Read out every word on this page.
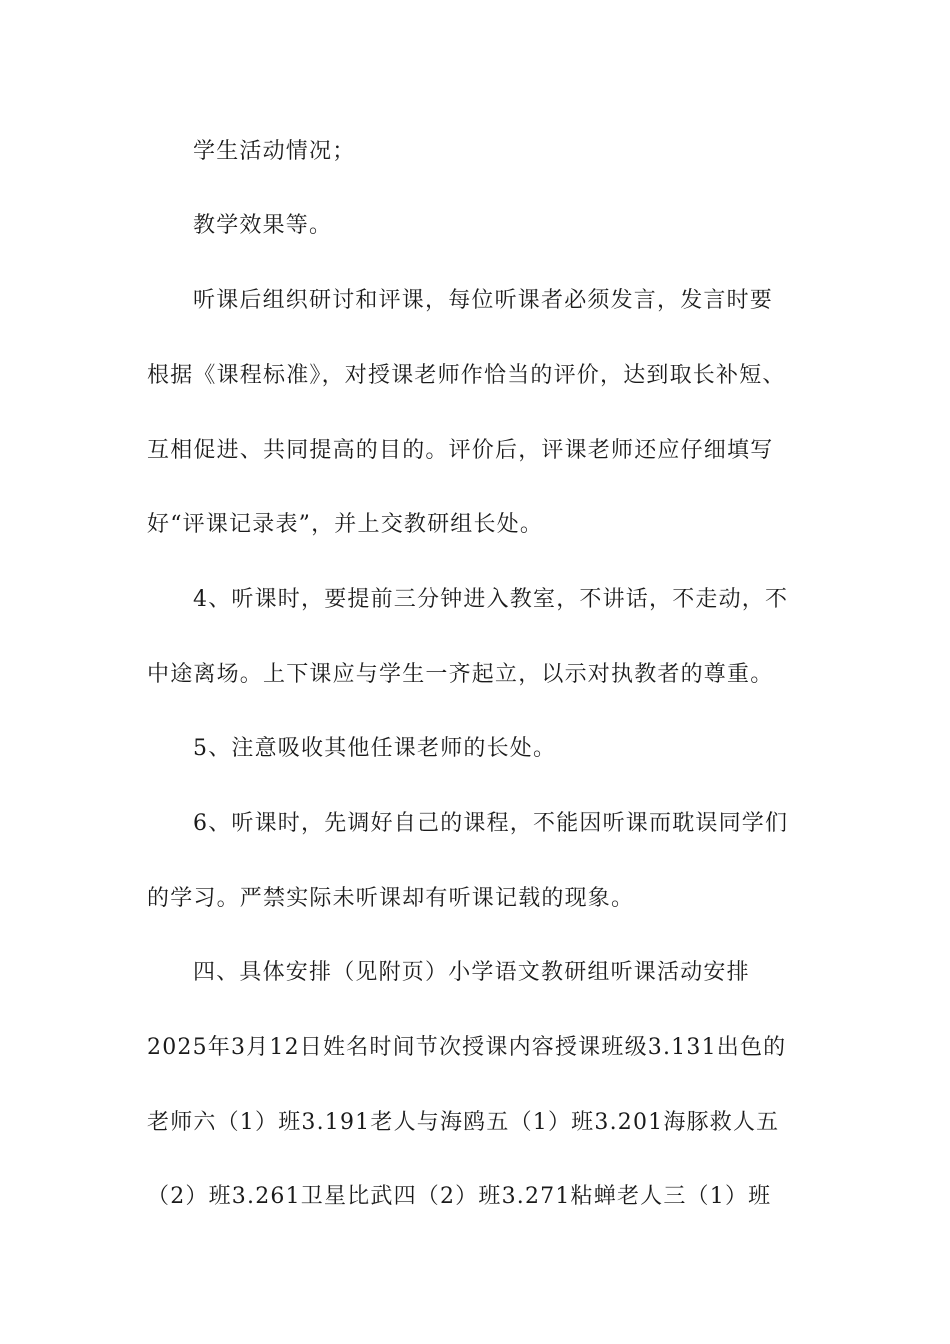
学生活动情况；
教学效果等。
听课后组织研讨和评课，每位听课者必须发言，发言时要
根据《课程标准》，对授课老师作恰当的评价，达到取长补短、
互相促进、共同提高的目的。评价后，评课老师还应仔细填写
好“评课记录表”，并上交教研组长处。
4、听课时，要提前三分钟进入教室，不讲话，不走动，不
中途离场。上下课应与学生一齐起立，以示对执教者的尊重。
5、注意吸收其他任课老师的长处。
6、听课时，先调好自己的课程，不能因听课而耽误同学们
的学习。严禁实际未听课却有听课记载的现象。
四、具体安排（见附页）小学语文教研组听课活动安排
2025年3月12日姓名时间节次授课内容授课班级3.131出色的
老师六（1）班3.191老人与海鸥五（1）班3.201海豚救人五
（2）班3.261卫星比武四（2）班3.271粘蝉老人三（1）班
